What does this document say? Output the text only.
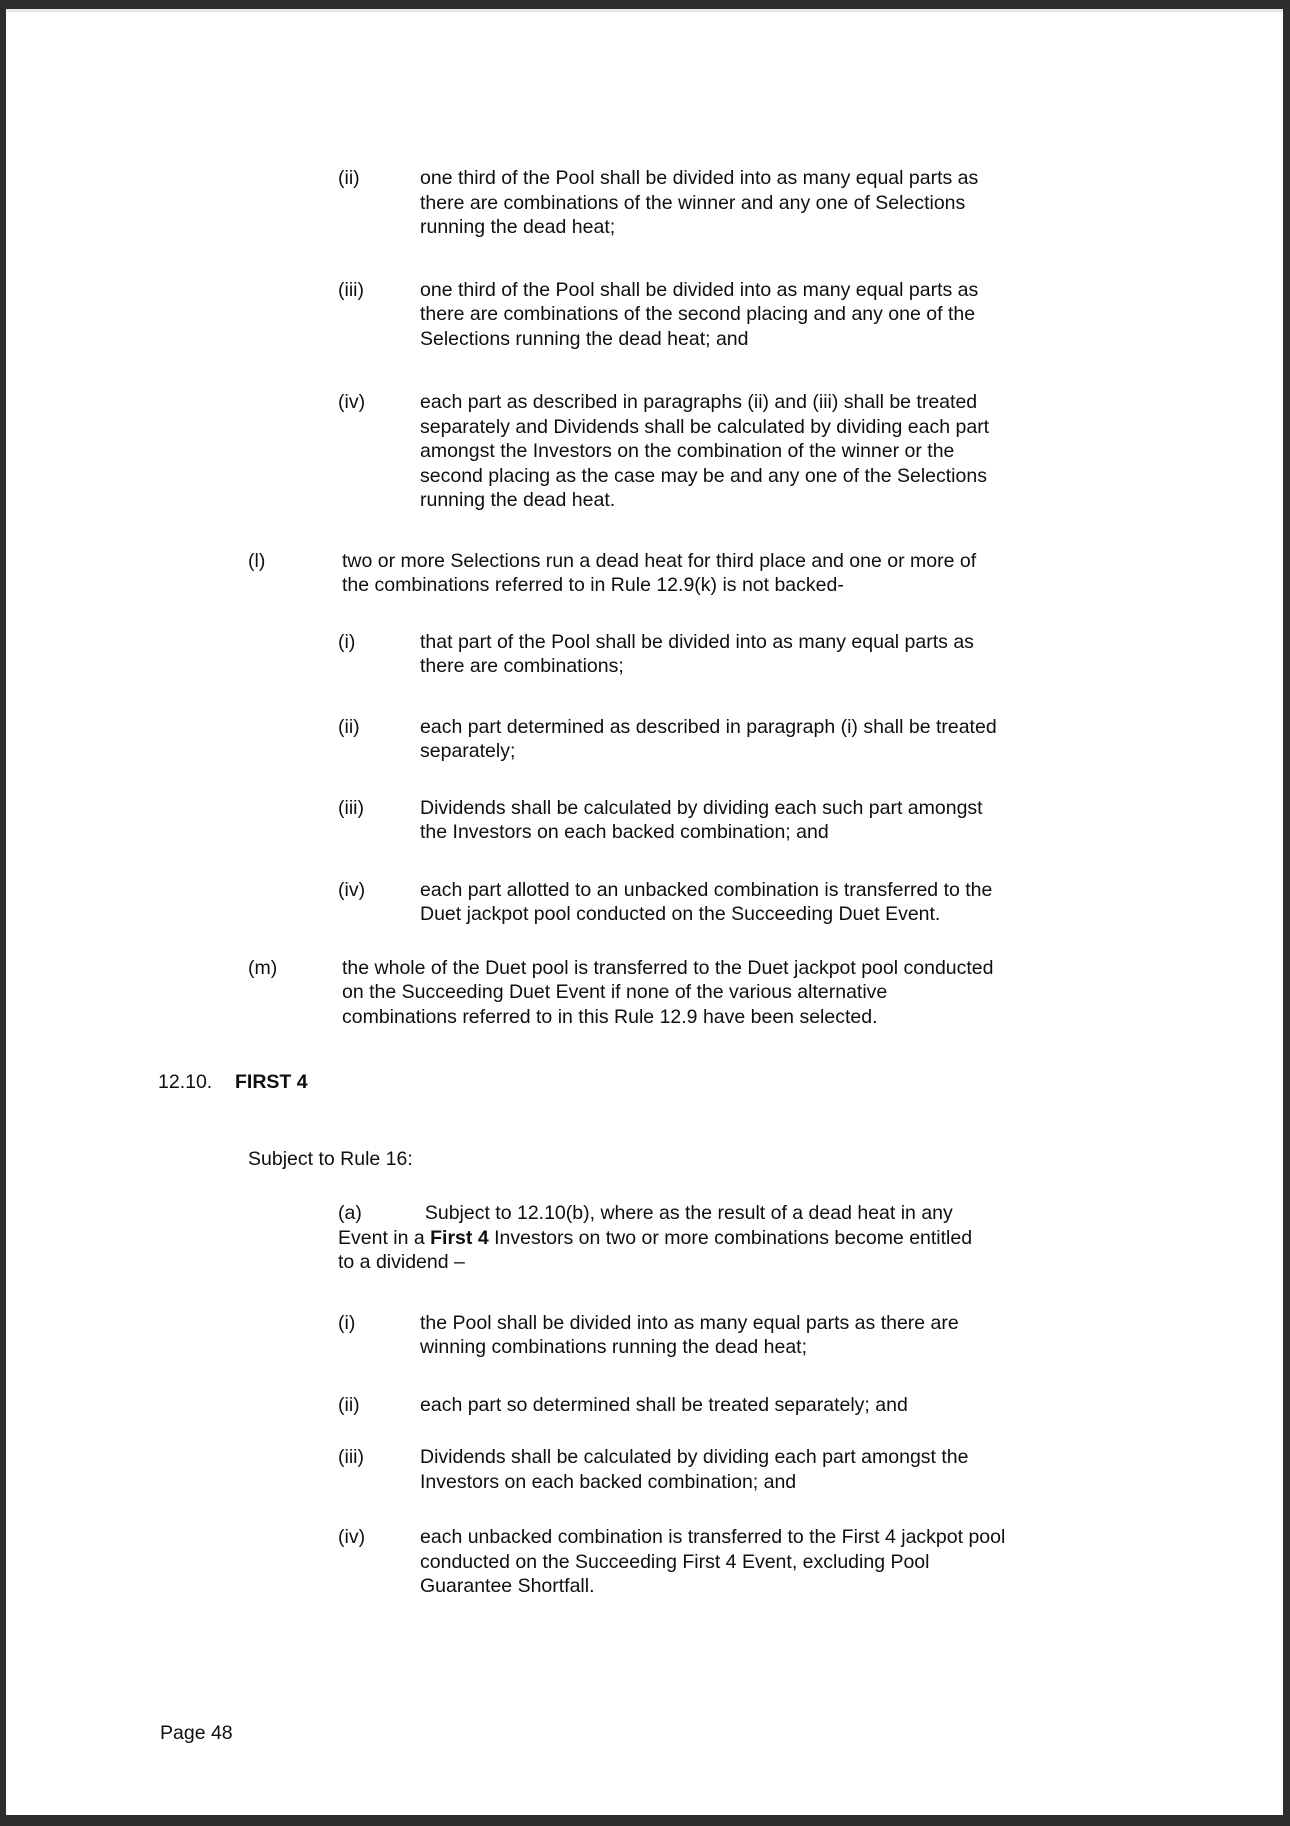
(ii)	one third of the Pool shall be divided into as many equal parts as
there are combinations of the winner and any one of Selections
running the dead heat;
(iii)	one third of the Pool shall be divided into as many equal parts as
there are combinations of the second placing and any one of the
Selections running the dead heat; and
(iv)	each part as described in paragraphs (ii) and (iii) shall be treated
separately and Dividends shall be calculated by dividing each part
amongst the Investors on the combination of the winner or the
second placing as the case may be and any one of the Selections
running the dead heat.
(l)	two or more Selections run a dead heat for third place and one or more of
the combinations referred to in Rule 12.9(k) is not backed-
(i)	that part of the Pool shall be divided into as many equal parts as
there are combinations;
(ii)	each part determined as described in paragraph (i) shall be treated
separately;
(iii)	Dividends shall be calculated by dividing each such part amongst
the Investors on each backed combination; and
(iv)	each part allotted to an unbacked combination is transferred to the
Duet jackpot pool conducted on the Succeeding Duet Event.
(m)	the whole of the Duet pool is transferred to the Duet jackpot pool conducted
on the Succeeding Duet Event if none of the various alternative
combinations referred to in this Rule 12.9 have been selected.
12.10.	FIRST 4
Subject to Rule 16:
(a)	Subject to 12.10(b), where as the result of a dead heat in any
Event in a First 4 Investors on two or more combinations become entitled
to a dividend –
(i)	the Pool shall be divided into as many equal parts as there are
winning combinations running the dead heat;
(ii)	each part so determined shall be treated separately; and
(iii)	Dividends shall be calculated by dividing each part amongst the
Investors on each backed combination; and
(iv)	each unbacked combination is transferred to the First 4 jackpot pool
conducted on the Succeeding First 4 Event, excluding Pool
Guarantee Shortfall.
Page 48
